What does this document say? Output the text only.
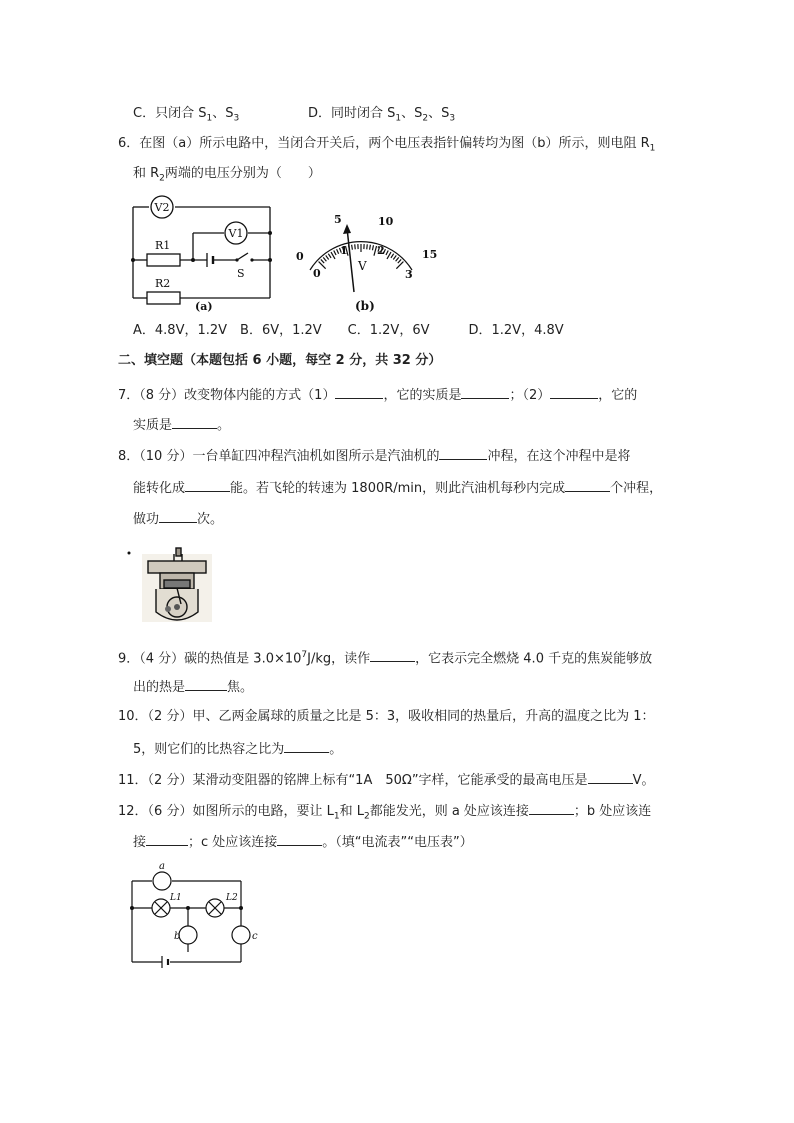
C．只闭合 $S_1$、$S_3$	D．同时闭合 $S_1$、$S_2$、$S_3$
6．在图（a）所示电路中，当闭合开关后，两个电压表指针偏转均为图（b）所示，则电阻 $R_1$
和 $R_2$两端的电压分别为（　　）
V2
V1
R1
R2
S
(a)
0
5	10
15
0
1	2
3
V
(b)
A．4.8V，1.2V　B．6V，1.2V　　C．1.2V，6V　　　D．1.2V，4.8V
二、填空题（本题包括 6 小题，每空 2 分，共 32 分）
7．（8 分）改变物体内能的方式（1）	，它的实质是	；（2）	，它的
实质是	。
8．（10 分）一台单缸四冲程汽油机如图所示是汽油机的	冲程，在这个冲程中是将
能转化成	能。若飞轮的转速为 1800R/min，则此汽油机每秒内完成	个冲程，
做功	次。
9．（4 分）碳的热值是 $3.0\times 10^7J/kg$，读作	，它表示完全燃烧 4.0 千克的焦炭能够放
出的热是	焦。
10．（2 分）甲、乙两金属球的质量之比是 5：3，吸收相同的热量后，升高的温度之比为 1：
5，则它们的比热容之比为	。
11．（2 分）某滑动变阻器的铭牌上标有“1A　50Ω”字样，它能承受的最高电压是	V。
12．（6 分）如图所示的电路，要让 $L_1$和 $L_2$都能发光，则 a 处应该连接	；b 处应该连
接	；c 处应该连接	。（填“电流表”“电压表”）
a
L1	L2
b	c
